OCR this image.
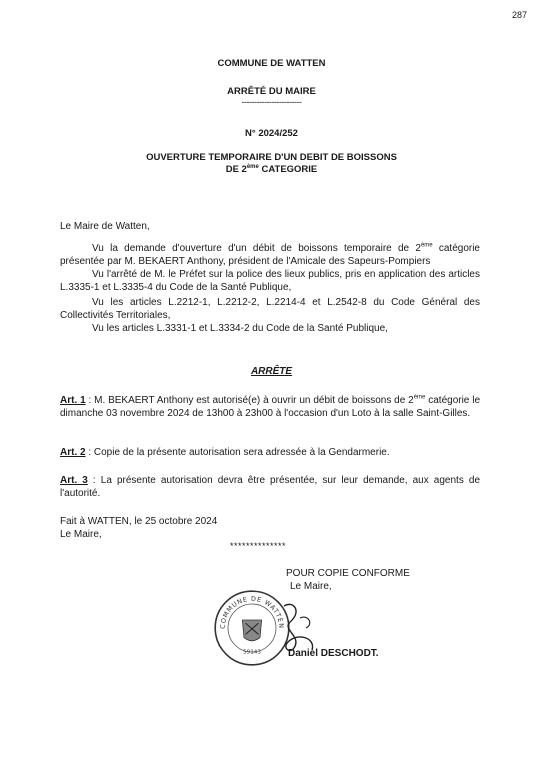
287
COMMUNE DE WATTEN
ARRÊTÉ DU MAIRE
------------------------
N° 2024/252
OUVERTURE TEMPORAIRE D'UN DEBIT DE BOISSONS
DE 2ème CATEGORIE
Le Maire de Watten,
Vu la demande d'ouverture d'un débit de boissons temporaire de 2ème catégorie présentée par M. BEKAERT Anthony, président de l'Amicale des Sapeurs-Pompiers
Vu l'arrêté de M. le Préfet sur la police des lieux publics, pris en application des articles L.3335-1 et L.3335-4 du Code de la Santé Publique,
Vu les articles L.2212-1, L.2212-2, L.2214-4 et L.2542-8 du Code Général des Collectivités Territoriales,
Vu les articles L.3331-1 et L.3334-2 du Code de la Santé Publique,
ARRÊTE
Art. 1 : M. BEKAERT Anthony est autorisé(e) à ouvrir un débit de boissons de 2ème catégorie le dimanche 03 novembre 2024 de 13h00 à 23h00 à l'occasion d'un Loto à la salle Saint-Gilles.
Art. 2 : Copie de la présente autorisation sera adressée à la Gendarmerie.
Art. 3 : La présente autorisation devra être présentée, sur leur demande, aux agents de l'autorité.
Fait à WATTEN, le 25 octobre 2024
Le Maire,
**************
POUR COPIE CONFORME
Le Maire,
COMMUNE DE WATTEN
59143	Daniel DESCHODT.
